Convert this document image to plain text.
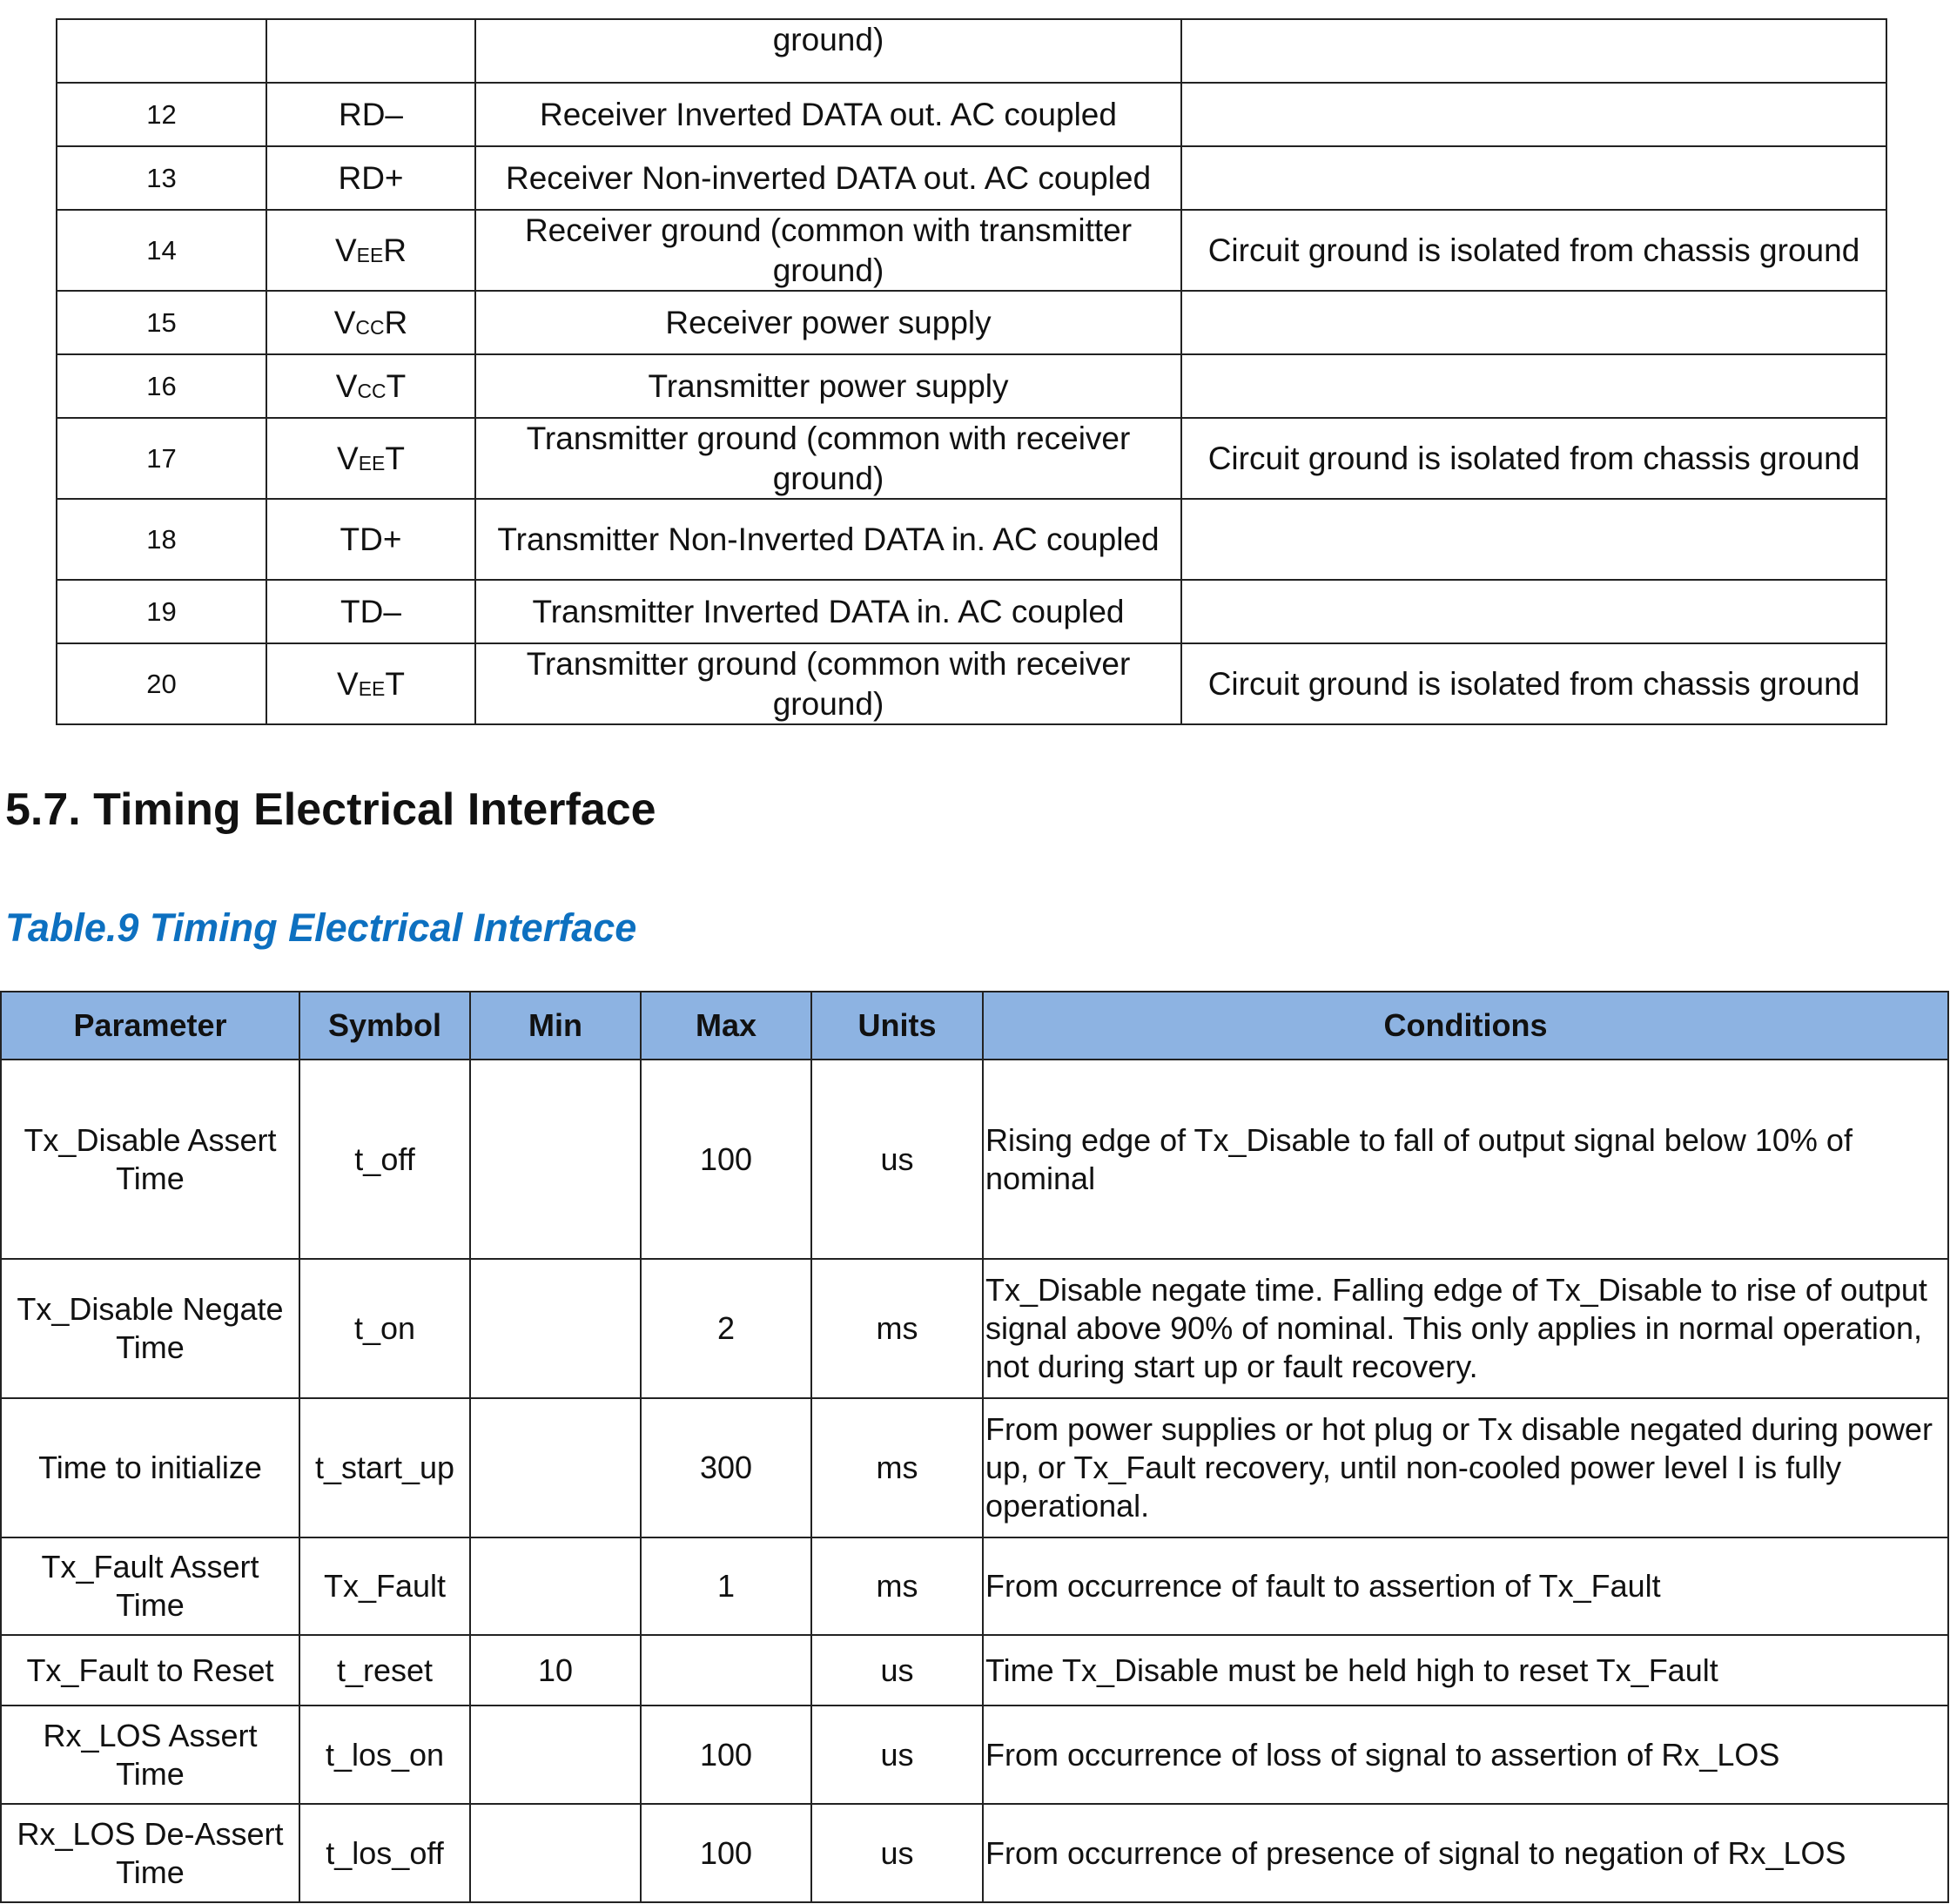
		ground)	
12	RD–	Receiver Inverted DATA out. AC coupled	
13	RD+	Receiver Non-inverted DATA out. AC coupled	
14	VEER	Receiver ground (common with transmitter ground)	Circuit ground is isolated from chassis ground
15	VCCR	Receiver power supply	
16	VCCT	Transmitter power supply	
17	VEET	Transmitter ground (common with receiver ground)	Circuit ground is isolated from chassis ground
18	TD+	Transmitter Non-Inverted DATA in. AC coupled	
19	TD–	Transmitter Inverted DATA in. AC coupled	
20	VEET	Transmitter ground (common with receiver ground)	Circuit ground is isolated from chassis ground
5.7. Timing Electrical Interface
Table.9 Timing Electrical Interface
Parameter	Symbol	Min	Max	Units	Conditions
Tx_Disable Assert Time	t_off		100	us	Rising edge of Tx_Disable to fall of output signal below 10% of nominal
Tx_Disable Negate Time	t_on		2	ms	Tx_Disable negate time. Falling edge of Tx_Disable to rise of output signal above 90% of nominal. This only applies in normal operation, not during start up or fault recovery.
Time to initialize	t_start_up		300	ms	From power supplies or hot plug or Tx disable negated during power up, or Tx_Fault recovery, until non-cooled power level I is fully operational.
Tx_Fault Assert Time	Tx_Fault		1	ms	From occurrence of fault to assertion of Tx_Fault
Tx_Fault to Reset	t_reset	10		us	Time Tx_Disable must be held high to reset Tx_Fault
Rx_LOS Assert Time	t_los_on		100	us	From occurrence of loss of signal to assertion of Rx_LOS
Rx_LOS De-Assert Time	t_los_off		100	us	From occurrence of presence of signal to negation of Rx_LOS
